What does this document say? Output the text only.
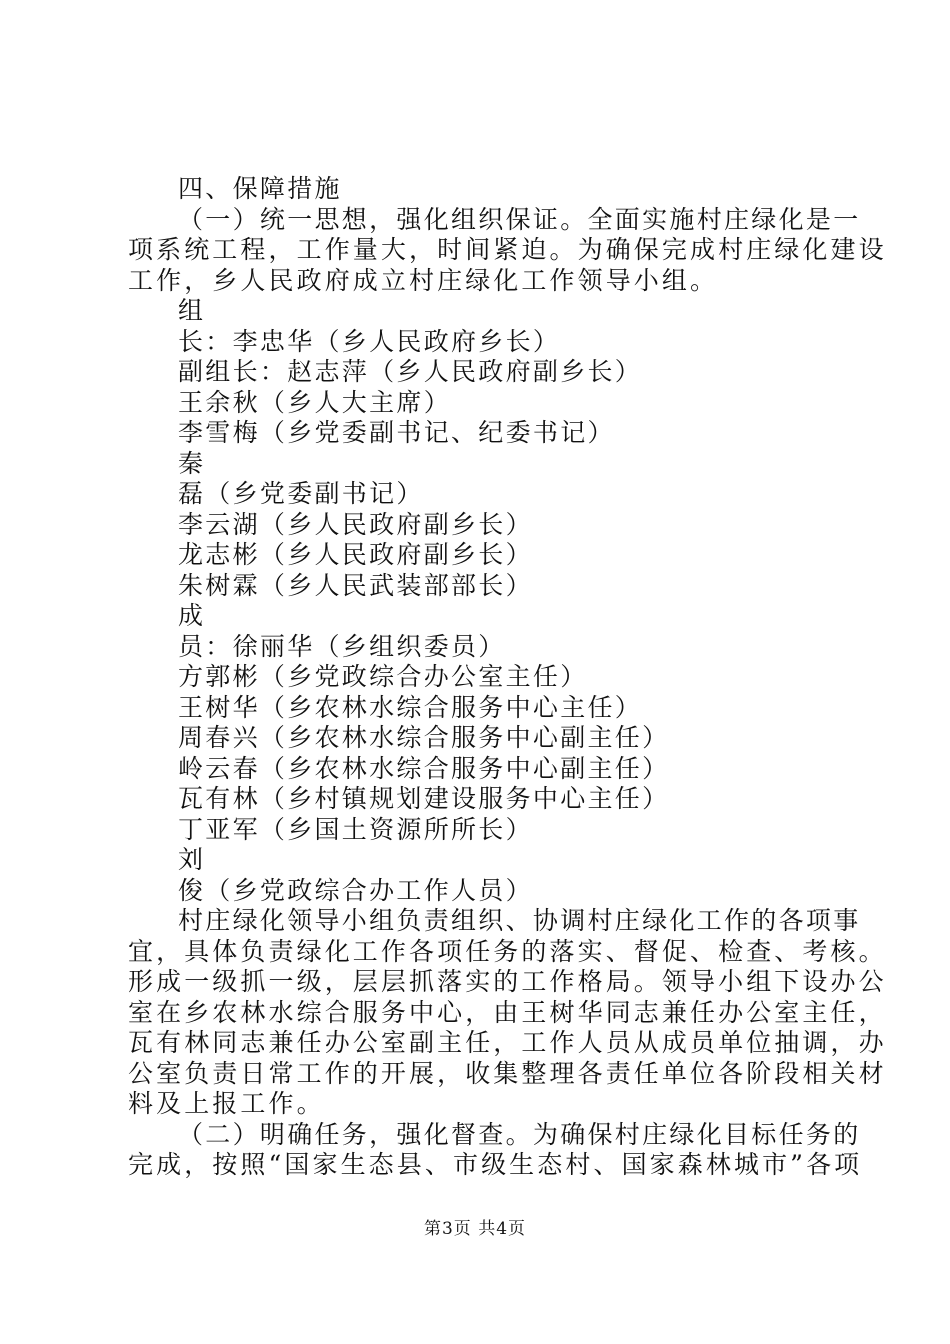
四、保障措施
（一）统一思想，强化组织保证。全面实施村庄绿化是一
项系统工程，工作量大，时间紧迫。为确保完成村庄绿化建设
工作，乡人民政府成立村庄绿化工作领导小组。
组
长：李忠华（乡人民政府乡长）
副组长：赵志萍（乡人民政府副乡长）
王余秋（乡人大主席）
李雪梅（乡党委副书记、纪委书记）
秦
磊（乡党委副书记）
李云湖（乡人民政府副乡长）
龙志彬（乡人民政府副乡长）
朱树霖（乡人民武装部部长）
成
员：徐丽华（乡组织委员）
方郭彬（乡党政综合办公室主任）
王树华（乡农林水综合服务中心主任）
周春兴（乡农林水综合服务中心副主任）
岭云春（乡农林水综合服务中心副主任）
瓦有林（乡村镇规划建设服务中心主任）
丁亚军（乡国土资源所所长）
刘
俊（乡党政综合办工作人员）
村庄绿化领导小组负责组织、协调村庄绿化工作的各项事
宜，具体负责绿化工作各项任务的落实、督促、检查、考核。
形成一级抓一级，层层抓落实的工作格局。领导小组下设办公
室在乡农林水综合服务中心，由王树华同志兼任办公室主任，
瓦有林同志兼任办公室副主任，工作人员从成员单位抽调，办
公室负责日常工作的开展，收集整理各责任单位各阶段相关材
料及上报工作。
（二）明确任务，强化督查。为确保村庄绿化目标任务的
完成，按照“国家生态县、市级生态村、国家森林城市”各项
第3页 共4页
